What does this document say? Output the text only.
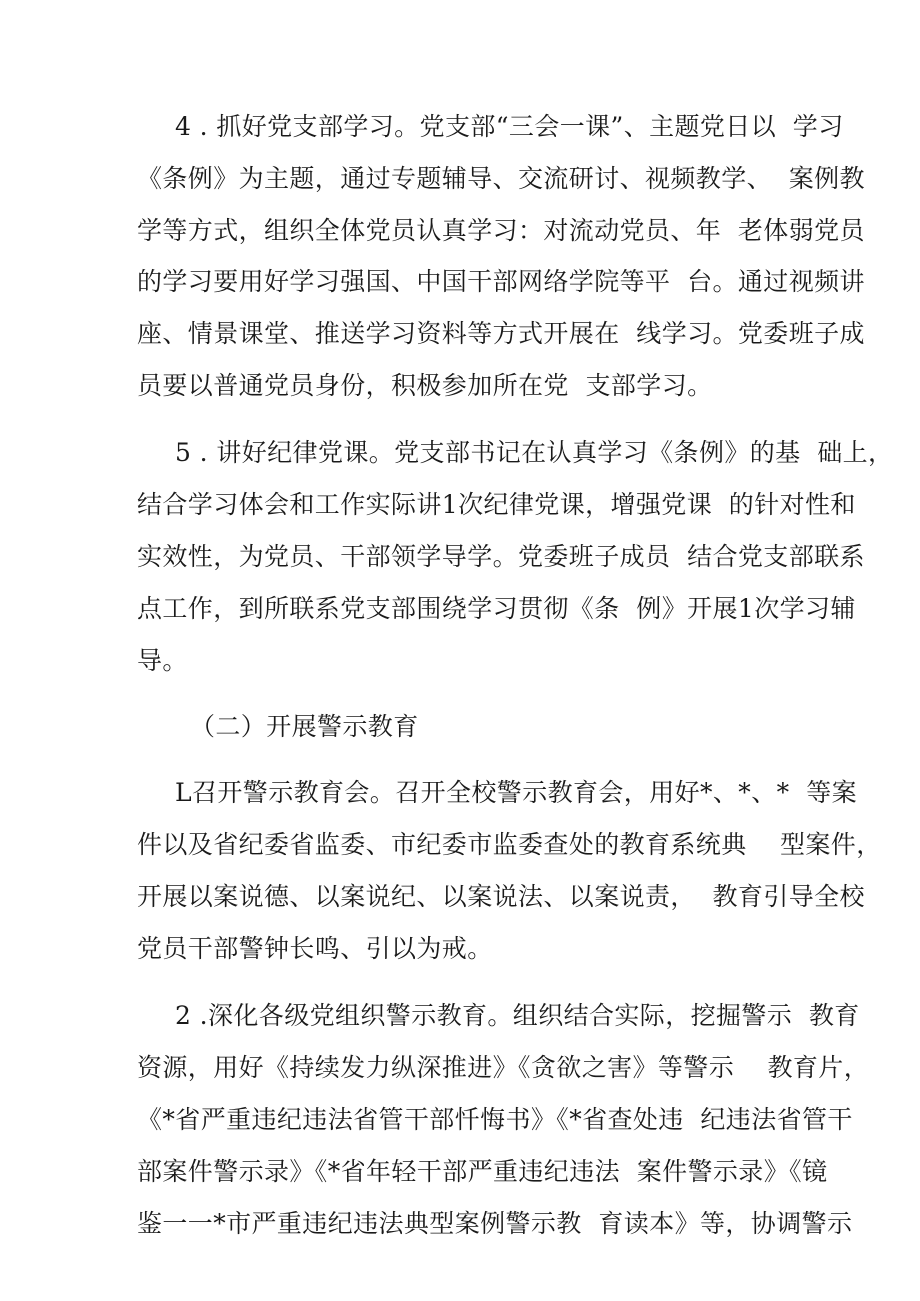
4 . 抓好党支部学习。党支部“三会一课”、主题党日以  学习
《条例》为主题，通过专题辅导、交流研讨、视频教学、  案例教
学等方式，组织全体党员认真学习：对流动党员、年  老体弱党员
的学习要用好学习强国、中国干部网络学院等平  台。通过视频讲
座、情景课堂、推送学习资料等方式开展在  线学习。党委班子成
员要以普通党员身份，积极参加所在党  支部学习。
5 . 讲好纪律党课。党支部书记在认真学习《条例》的基  础上，
结合学习体会和工作实际讲1次纪律党课，增强党课  的针对性和
实效性，为党员、干部领学导学。党委班子成员  结合党支部联系
点工作，到所联系党支部围绕学习贯彻《条  例》开展1次学习辅
导。
（二）开展警示教育
L召开警示教育会。召开全校警示教育会，用好*、*、*  等案
件以及省纪委省监委、市纪委市监委查处的教育系统典    型案件，
开展以案说德、以案说纪、以案说法、以案说责，  教育引导全校
党员干部警钟长鸣、引以为戒。
2 .深化各级党组织警示教育。组织结合实际，挖掘警示  教育
资源，用好《持续发力纵深推进》《贪欲之害》等警示    教育片，
《*省严重违纪违法省管干部忏悔书》《*省查处违  纪违法省管干
部案件警示录》《*省年轻干部严重违纪违法  案件警示录》《镜
鉴一一*市严重违纪违法典型案例警示教  育读本》等，协调警示
